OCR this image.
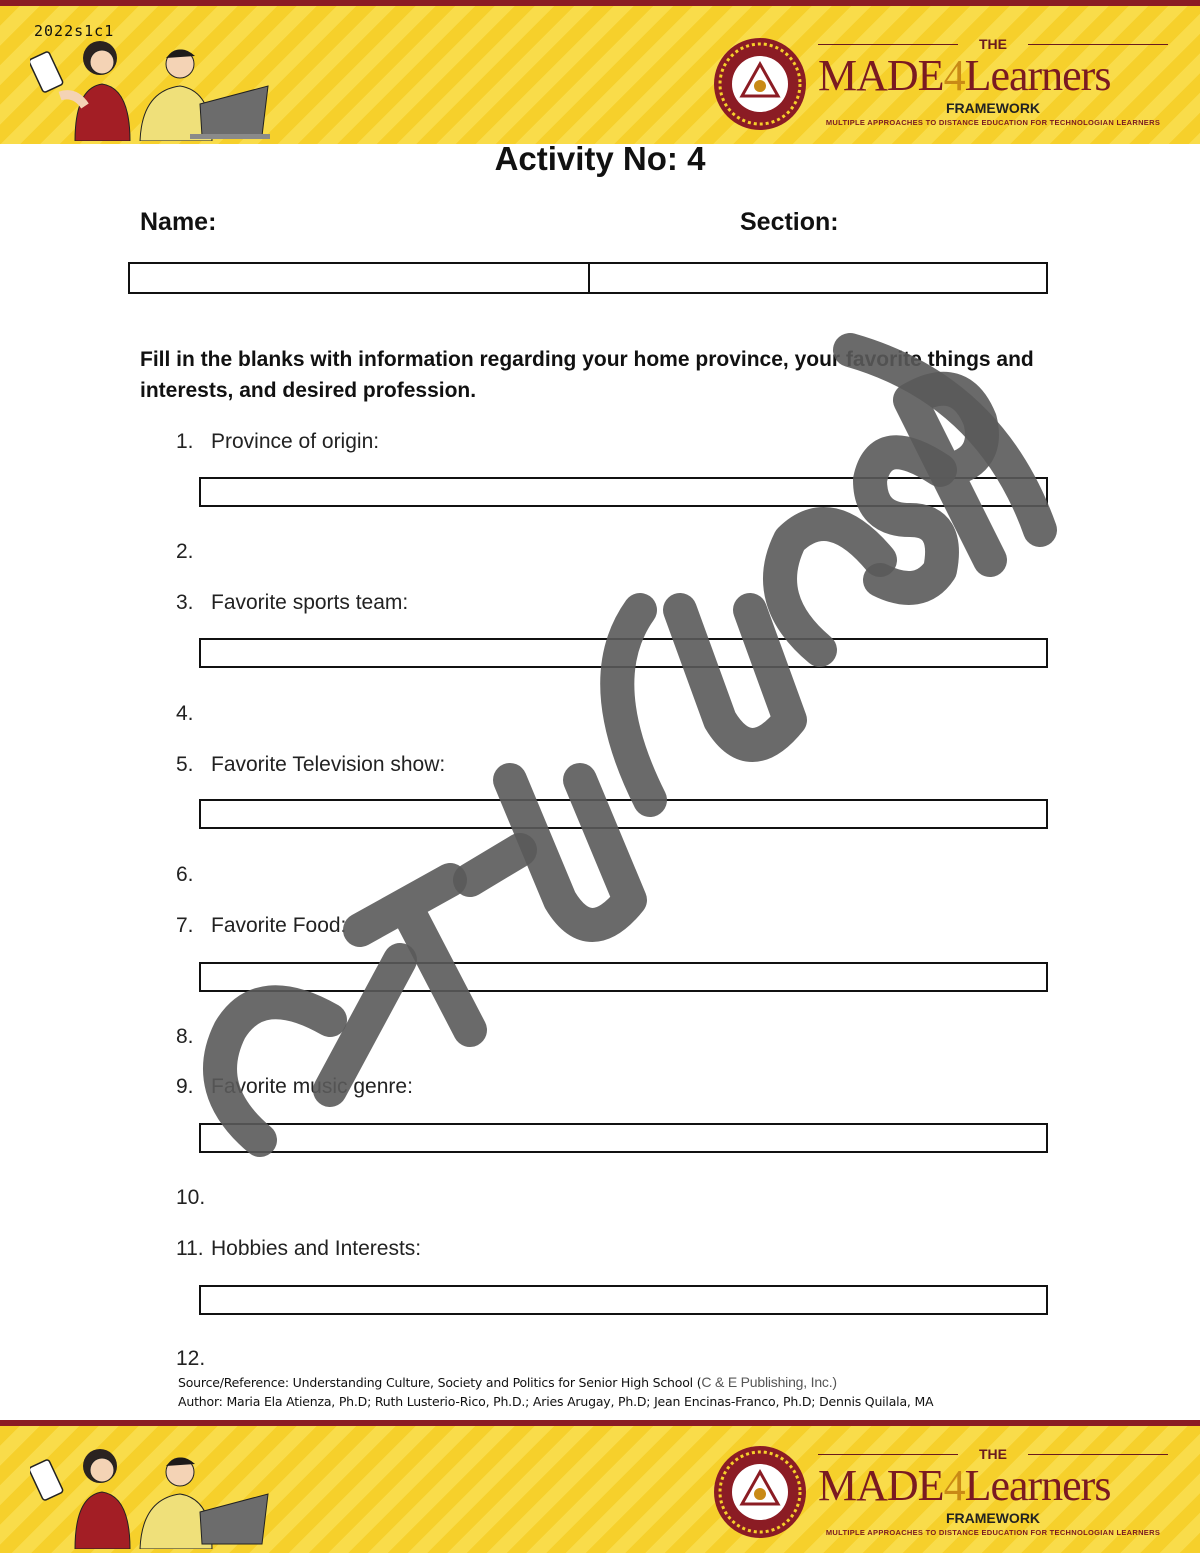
2022s1c1
THE
MADE4Learners
FRAMEWORK
MULTIPLE APPROACHES TO DISTANCE EDUCATION FOR TECHNOLOGIAN LEARNERS
Activity No: 4
Name:	Section:
Fill in the blanks with information regarding your home province, your favorite things and interests, and desired profession.
1. Province of origin:
2.
3. Favorite sports team:
4.
5. Favorite Television show:
6.
7. Favorite Food:
8.
9. Favorite music genre:
10.
11. Hobbies and Interests:
12.
Source/Reference: Understanding Culture, Society and Politics for Senior High School (C & E Publishing, Inc.)
Author: Maria Ela Atienza, Ph.D; Ruth Lusterio-Rico, Ph.D.; Aries Arugay, Ph.D; Jean Encinas-Franco, Ph.D; Dennis Quilala, MA
THE
MADE4Learners
FRAMEWORK
MULTIPLE APPROACHES TO DISTANCE EDUCATION FOR TECHNOLOGIAN LEARNERS
